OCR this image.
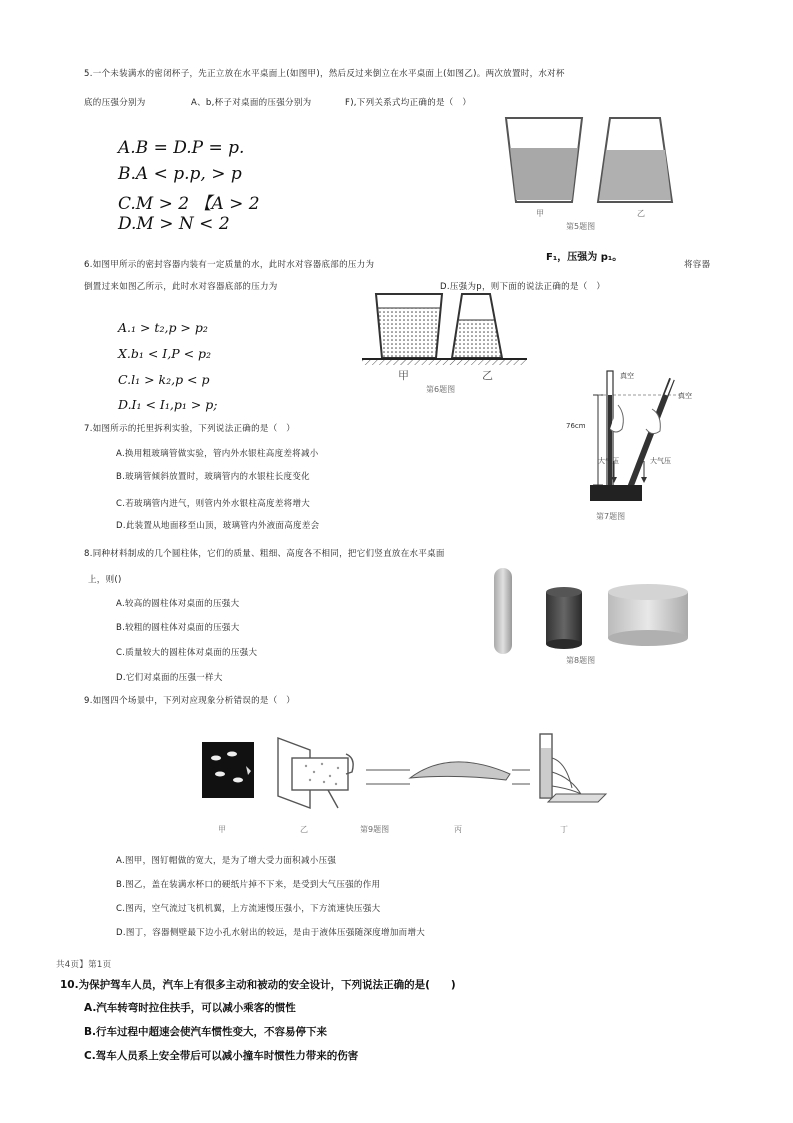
5.一个未装满水的密闭杯子，先正立放在水平桌面上(如图甲)，然后反过来倒立在水平桌面上(如图乙)。两次放置时，水对杯
底的压强分别为	A、b,杯子对桌面的压强分别为	F),下列关系式均正确的是（　）
A.B = D.P = p.
B.A < p.p, > p
C.M > 2 【A > 2
D.M > N < 2
甲	乙
第5题图
F₁，压强为 p₁。
6.如图甲所示的密封容器内装有一定质量的水，此时水对容器底部的压力为	将容器
倒置过来如图乙所示，此时水对容器底部的压力为	D.压强为p，则下面的说法正确的是（　）
A.₁ > t₂,p > p₂
X.b₁ < I,P < p₂
C.l₁ > k₂,p < p
D.I₁ < I₁,p₁ > p;
甲	乙
第6题图
7.如图所示的托里拆利实验，下列说法正确的是（　）
A.换用粗玻璃管做实验，管内外水银柱高度差将减小
B.玻璃管倾斜放置时，玻璃管内的水银柱长度变化
C.若玻璃管内进气，则管内外水银柱高度差将增大
D.此装置从地面移至山顶，玻璃管内外液面高度差会
真空
真空
76cm
大气压	大气压
第7题图
8.同种材料制成的几个圆柱体，它们的质量、粗细、高度各不相同，把它们竖直放在水平桌面
上，则()
A.较高的圆柱体对桌面的压强大
B.较粗的圆柱体对桌面的压强大
C.质量较大的圆柱体对桌面的压强大
D.它们对桌面的压强一样大
第8题图
9.如图四个场景中，下列对应现象分析错误的是（　）
甲	乙	第9题图	丙	丁
A.图甲，图钉帽做的宽大，是为了增大受力面积减小压强
B.图乙，盖在装满水杯口的硬纸片掉不下来，是受到大气压强的作用
C.图丙，空气流过飞机机翼，上方流速慢压强小，下方流速快压强大
D.图丁，容器侧壁最下边小孔水射出的较远，是由于液体压强随深度增加而增大
共4页】第1页
10.为保护驾车人员，汽车上有很多主动和被动的安全设计，下列说法正确的是(　　)
A.汽车转弯时拉住扶手，可以减小乘客的惯性
B.行车过程中超速会使汽车惯性变大，不容易停下来
C.驾车人员系上安全带后可以减小撞车时惯性力带来的伤害
